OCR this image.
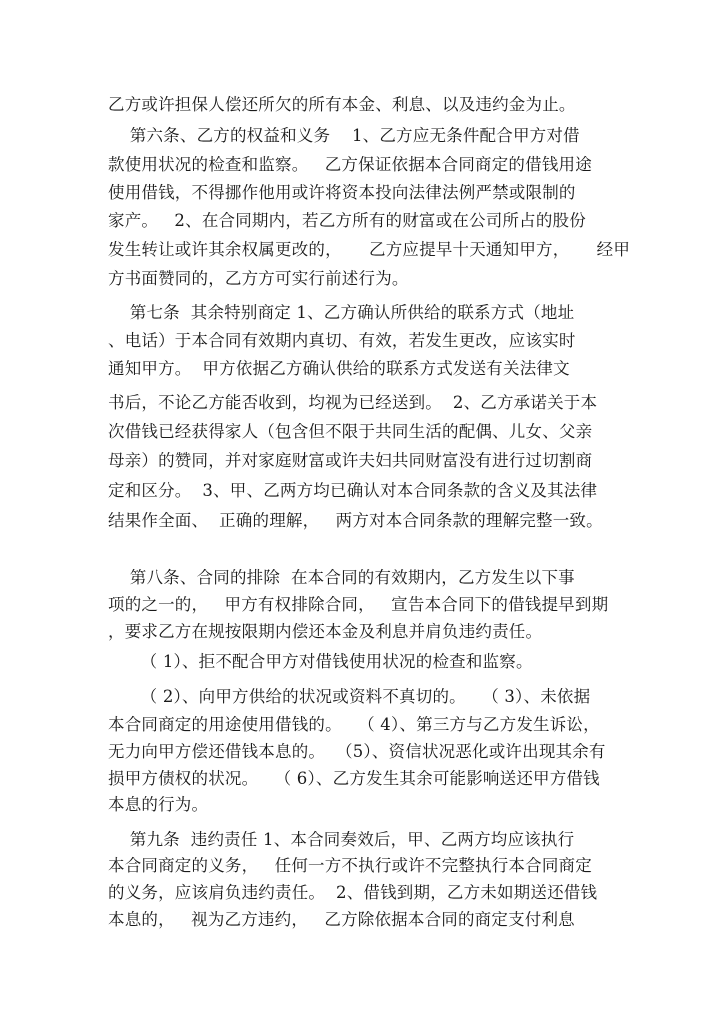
乙方或许担保人偿还所欠的所有本金、利息、以及违约金为止。
第六条、乙方的权益和义务    1、乙方应无条件配合甲方对借
款使用状况的检查和监察。   乙方保证依据本合同商定的借钱用途
使用借钱，不得挪作他用或许将资本投向法律法例严禁或限制的
家产。   2、在合同期内，若乙方所有的财富或在公司所占的股份
发生转让或许其余权属更改的，     乙方应提早十天通知甲方，     经甲
方书面赞同的，乙方方可实行前述行为。
第七条  其余特别商定 1、乙方确认所供给的联系方式（地址
、电话）于本合同有效期内真切、有效，若发生更改，应该实时
通知甲方。  甲方依据乙方确认供给的联系方式发送有关法律文
书后，不论乙方能否收到，均视为已经送到。  2、乙方承诺关于本
次借钱已经获得家人（包含但不限于共同生活的配偶、儿女、父亲
母亲）的赞同，并对家庭财富或许夫妇共同财富没有进行过切割商
定和区分。  3、甲、乙两方均已确认对本合同条款的含义及其法律
结果作全面、  正确的理解，   两方对本合同条款的理解完整一致。
第八条、合同的排除  在本合同的有效期内，乙方发生以下事
项的之一的，   甲方有权排除合同，   宣告本合同下的借钱提早到期
，要求乙方在规按限期内偿还本金及利息并肩负违约责任。
（ 1）、拒不配合甲方对借钱使用状况的检查和监察。
（ 2）、向甲方供给的状况或资料不真切的。   （ 3）、未依据
本合同商定的用途使用借钱的。   （ 4）、第三方与乙方发生诉讼，
无力向甲方偿还借钱本息的。  （5）、资信状况恶化或许出现其余有
损甲方债权的状况。   （ 6）、乙方发生其余可能影响送还甲方借钱
本息的行为。
第九条  违约责任 1、本合同奏效后，甲、乙两方均应该执行
本合同商定的义务，   任何一方不执行或许不完整执行本合同商定
的义务，应该肩负违约责任。  2、借钱到期，乙方未如期送还借钱
本息的，   视为乙方违约，   乙方除依据本合同的商定支付利息
